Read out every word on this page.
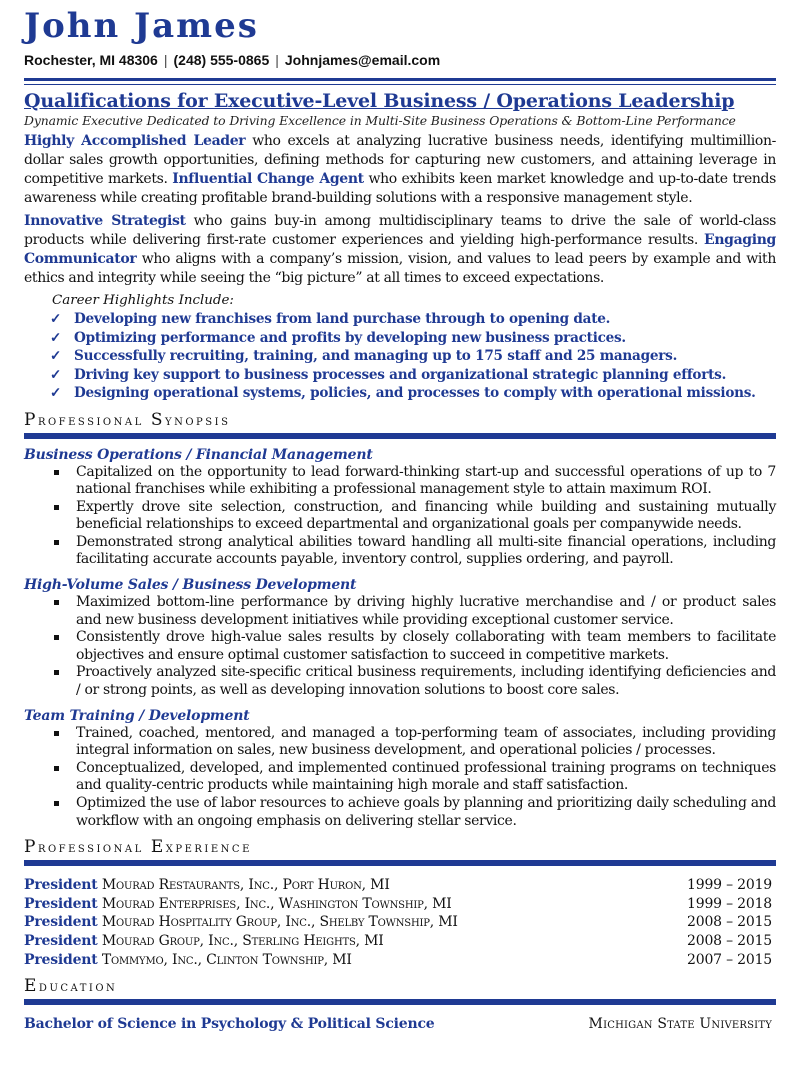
John James
Rochester, MI 48306 | (248) 555-0865 | Johnjames@email.com
Qualifications for Executive-Level Business / Operations Leadership
Dynamic Executive Dedicated to Driving Excellence in Multi-Site Business Operations & Bottom-Line Performance
Highly Accomplished Leader who excels at analyzing lucrative business needs, identifying multimillion-dollar sales growth opportunities, defining methods for capturing new customers, and attaining leverage in competitive markets. Influential Change Agent who exhibits keen market knowledge and up-to-date trends awareness while creating profitable brand-building solutions with a responsive management style.
Innovative Strategist who gains buy-in among multidisciplinary teams to drive the sale of world-class products while delivering first-rate customer experiences and yielding high-performance results. Engaging Communicator who aligns with a company’s mission, vision, and values to lead peers by example and with ethics and integrity while seeing the “big picture” at all times to exceed expectations.
Career Highlights Include:
✓ Developing new franchises from land purchase through to opening date.
✓ Optimizing performance and profits by developing new business practices.
✓ Successfully recruiting, training, and managing up to 175 staff and 25 managers.
✓ Driving key support to business processes and organizational strategic planning efforts.
✓ Designing operational systems, policies, and processes to comply with operational missions.
Professional Synopsis
Business Operations / Financial Management
Capitalized on the opportunity to lead forward-thinking start-up and successful operations of up to 7 national franchises while exhibiting a professional management style to attain maximum ROI.
Expertly drove site selection, construction, and financing while building and sustaining mutually beneficial relationships to exceed departmental and organizational goals per companywide needs.
Demonstrated strong analytical abilities toward handling all multi-site financial operations, including facilitating accurate accounts payable, inventory control, supplies ordering, and payroll.
High-Volume Sales / Business Development
Maximized bottom-line performance by driving highly lucrative merchandise and / or product sales and new business development initiatives while providing exceptional customer service.
Consistently drove high-value sales results by closely collaborating with team members to facilitate objectives and ensure optimal customer satisfaction to succeed in competitive markets.
Proactively analyzed site-specific critical business requirements, including identifying deficiencies and / or strong points, as well as developing innovation solutions to boost core sales.
Team Training / Development
Trained, coached, mentored, and managed a top-performing team of associates, including providing integral information on sales, new business development, and operational policies / processes.
Conceptualized, developed, and implemented continued professional training programs on techniques and quality-centric products while maintaining high morale and staff satisfaction.
Optimized the use of labor resources to achieve goals by planning and prioritizing daily scheduling and workflow with an ongoing emphasis on delivering stellar service.
Professional Experience
President Mourad Restaurants, Inc., Port Huron, MI	1999 – 2019
President Mourad Enterprises, Inc., Washington Township, MI	1999 – 2018
President Mourad Hospitality Group, Inc., Shelby Township, MI	2008 – 2015
President Mourad Group, Inc., Sterling Heights, MI	2008 – 2015
President Tommymo, Inc., Clinton Township, MI	2007 – 2015
Education
Bachelor of Science in Psychology & Political Science	Michigan State University
